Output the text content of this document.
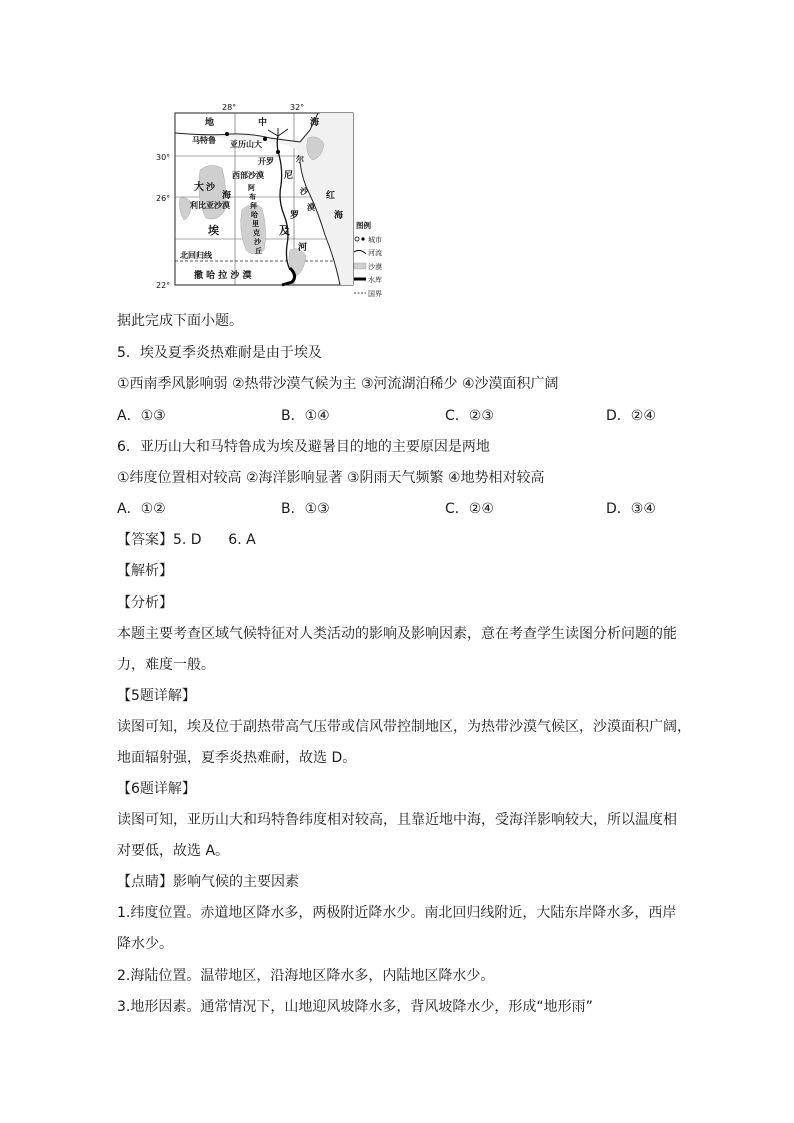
28°	32°
30°
26°
22°
地	中	海
马特鲁 亚历山大
开罗
西部沙漠
大 沙
海
利比亚沙漠
阿
布
拜
哈
里
克
沙
丘
埃	及
尼
罗
河
尔
沙
漠
红
海
北回归线
撒 哈 拉 沙 漠
图例
城市
河流
沙漠
水库
国界
据此完成下面小题。
5．埃及夏季炎热难耐是由于埃及
①西南季风影响弱 ②热带沙漠气候为主 ③河流湖泊稀少 ④沙漠面积广阔
A．①③	B．①④	C．②③	D．②④
6．亚历山大和马特鲁成为埃及避暑目的地的主要原因是两地
①纬度位置相对较高 ②海洋影响显著 ③阴雨天气频繁 ④地势相对较高
A．①②	B．①③	C．②④	D．③④
【答案】5. D      6. A
【解析】
【分析】
本题主要考查区域气候特征对人类活动的影响及影响因素，意在考查学生读图分析问题的能
力，难度一般。
【5题详解】
读图可知，埃及位于副热带高气压带或信风带控制地区，为热带沙漠气候区，沙漠面积广阔，
地面辐射强，夏季炎热难耐，故选 D。
【6题详解】
读图可知，亚历山大和玛特鲁纬度相对较高，且靠近地中海，受海洋影响较大，所以温度相
对要低，故选 A。
【点睛】影响气候的主要因素
1.纬度位置。赤道地区降水多，两极附近降水少。南北回归线附近，大陆东岸降水多，西岸
降水少。
2.海陆位置。温带地区，沿海地区降水多，内陆地区降水少。
3.地形因素。通常情况下，山地迎风坡降水多，背风坡降水少，形成“地形雨”
